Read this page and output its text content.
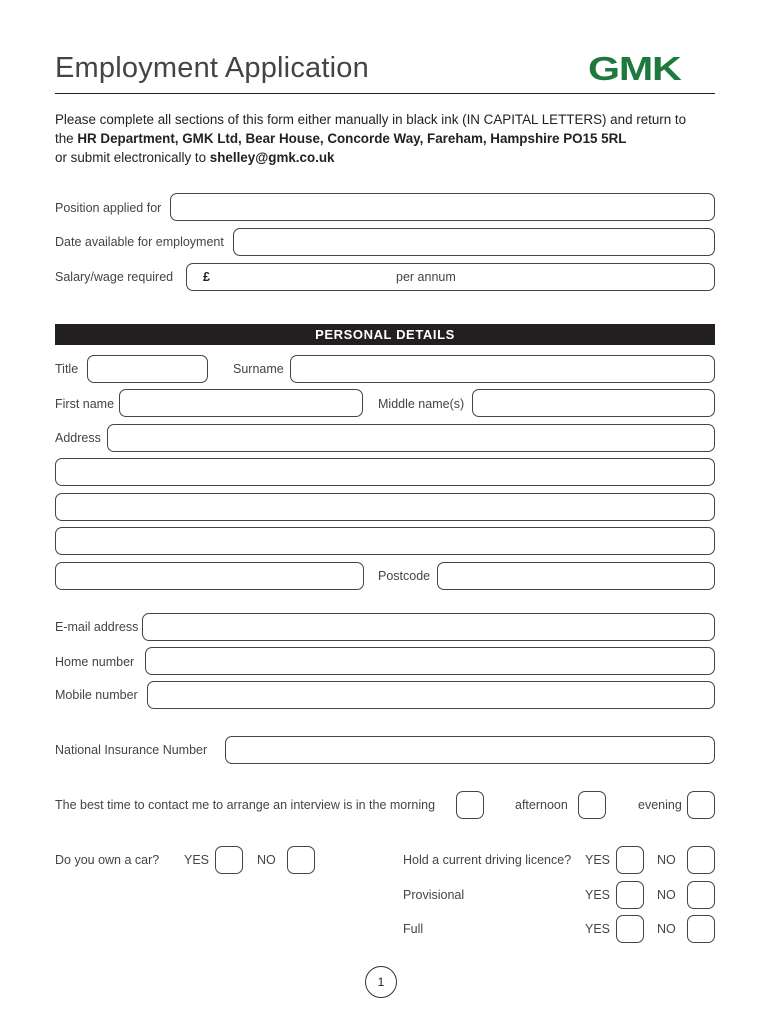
Employment Application	GMK
Please complete all sections of this form either manually in black ink (IN CAPITAL LETTERS) and return to
the HR Department, GMK Ltd, Bear House, Concorde Way, Fareham, Hampshire PO15 5RL
or submit electronically to shelley@gmk.co.uk
Position applied for
Date available for employment
Salary/wage required £	per annum
PERSONAL DETAILS
Title	Surname
First name	Middle name(s)
Address
Postcode
E-mail address
Home number
Mobile number
National Insurance Number
The best time to contact me to arrange an interview is in the morning	afternoon	evening
Do you own a car? YES	NO	Hold a current driving licence? YES	NO
Provisional	YES	NO
Full	YES	NO
1
